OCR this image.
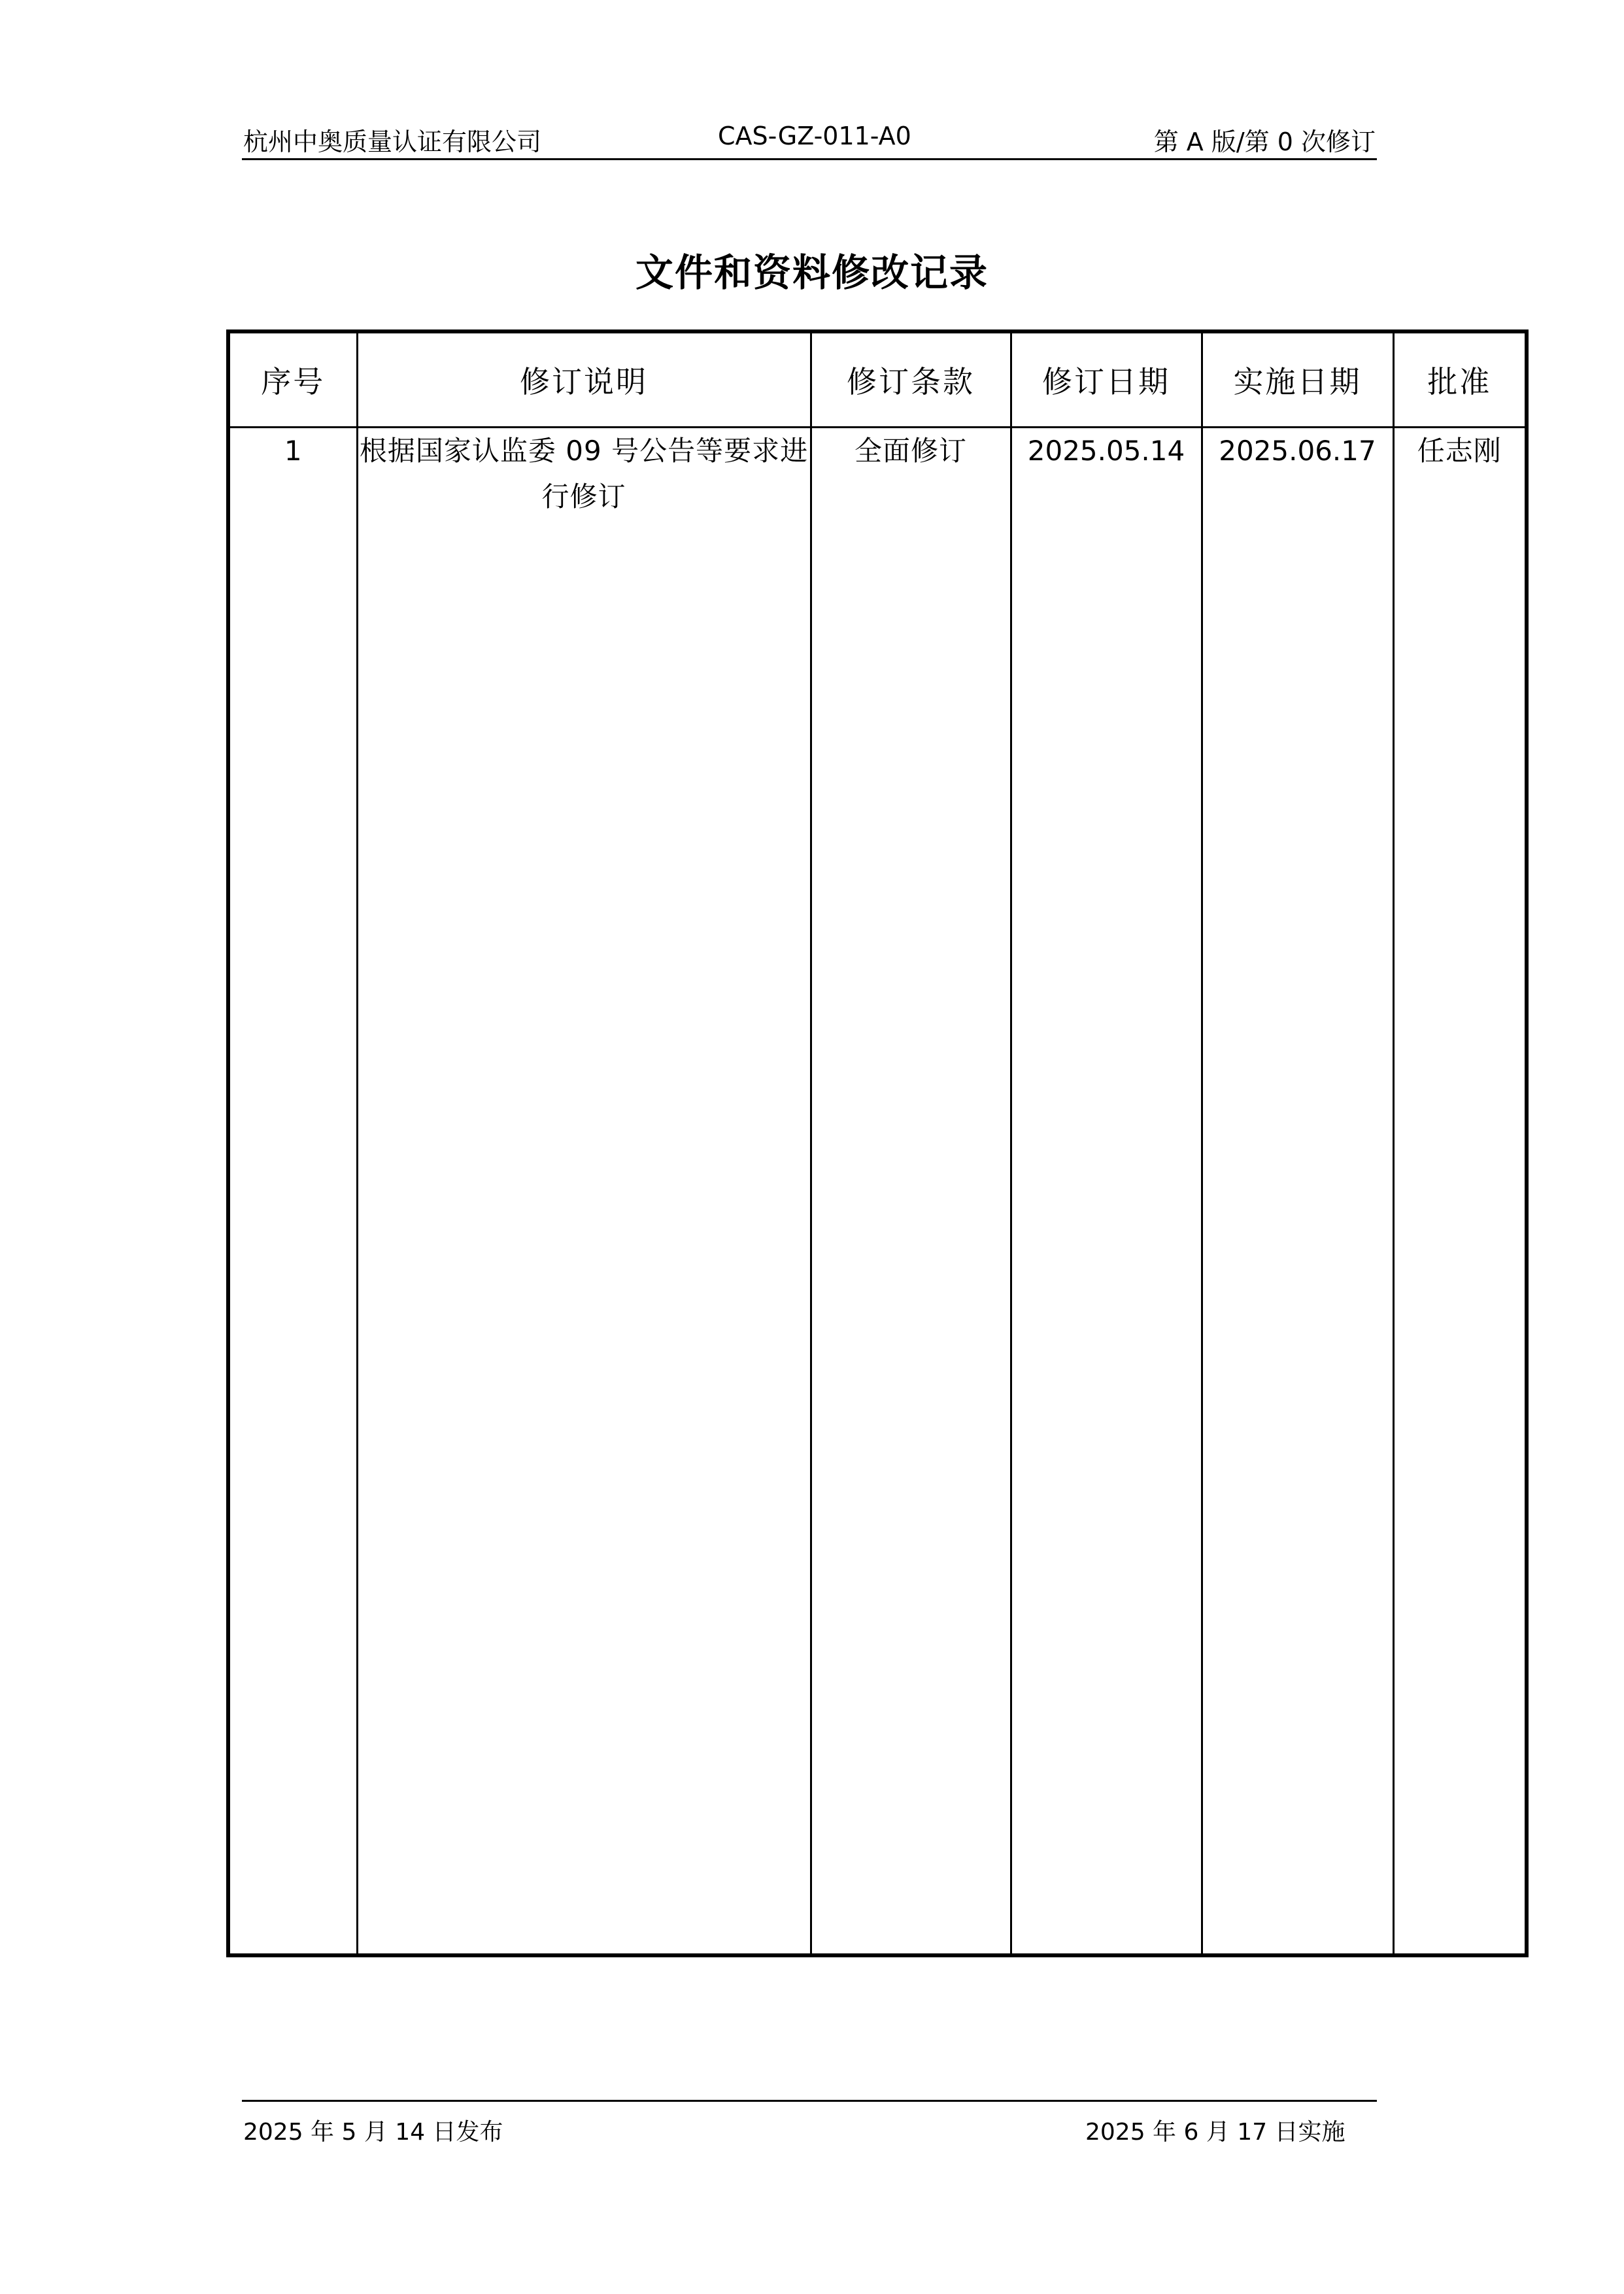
杭州中奥质量认证有限公司	CAS-GZ-011-A0	第 A 版/第 0 次修订
文件和资料修改记录
序号	修订说明	修订条款	修订日期	实施日期	批准
1	根据国家认监委 09 号公告等要求进行修订	全面修订	2025.05.14	2025.06.17	任志刚
2025 年 5 月 14 日发布	2025 年 6 月 17 日实施
